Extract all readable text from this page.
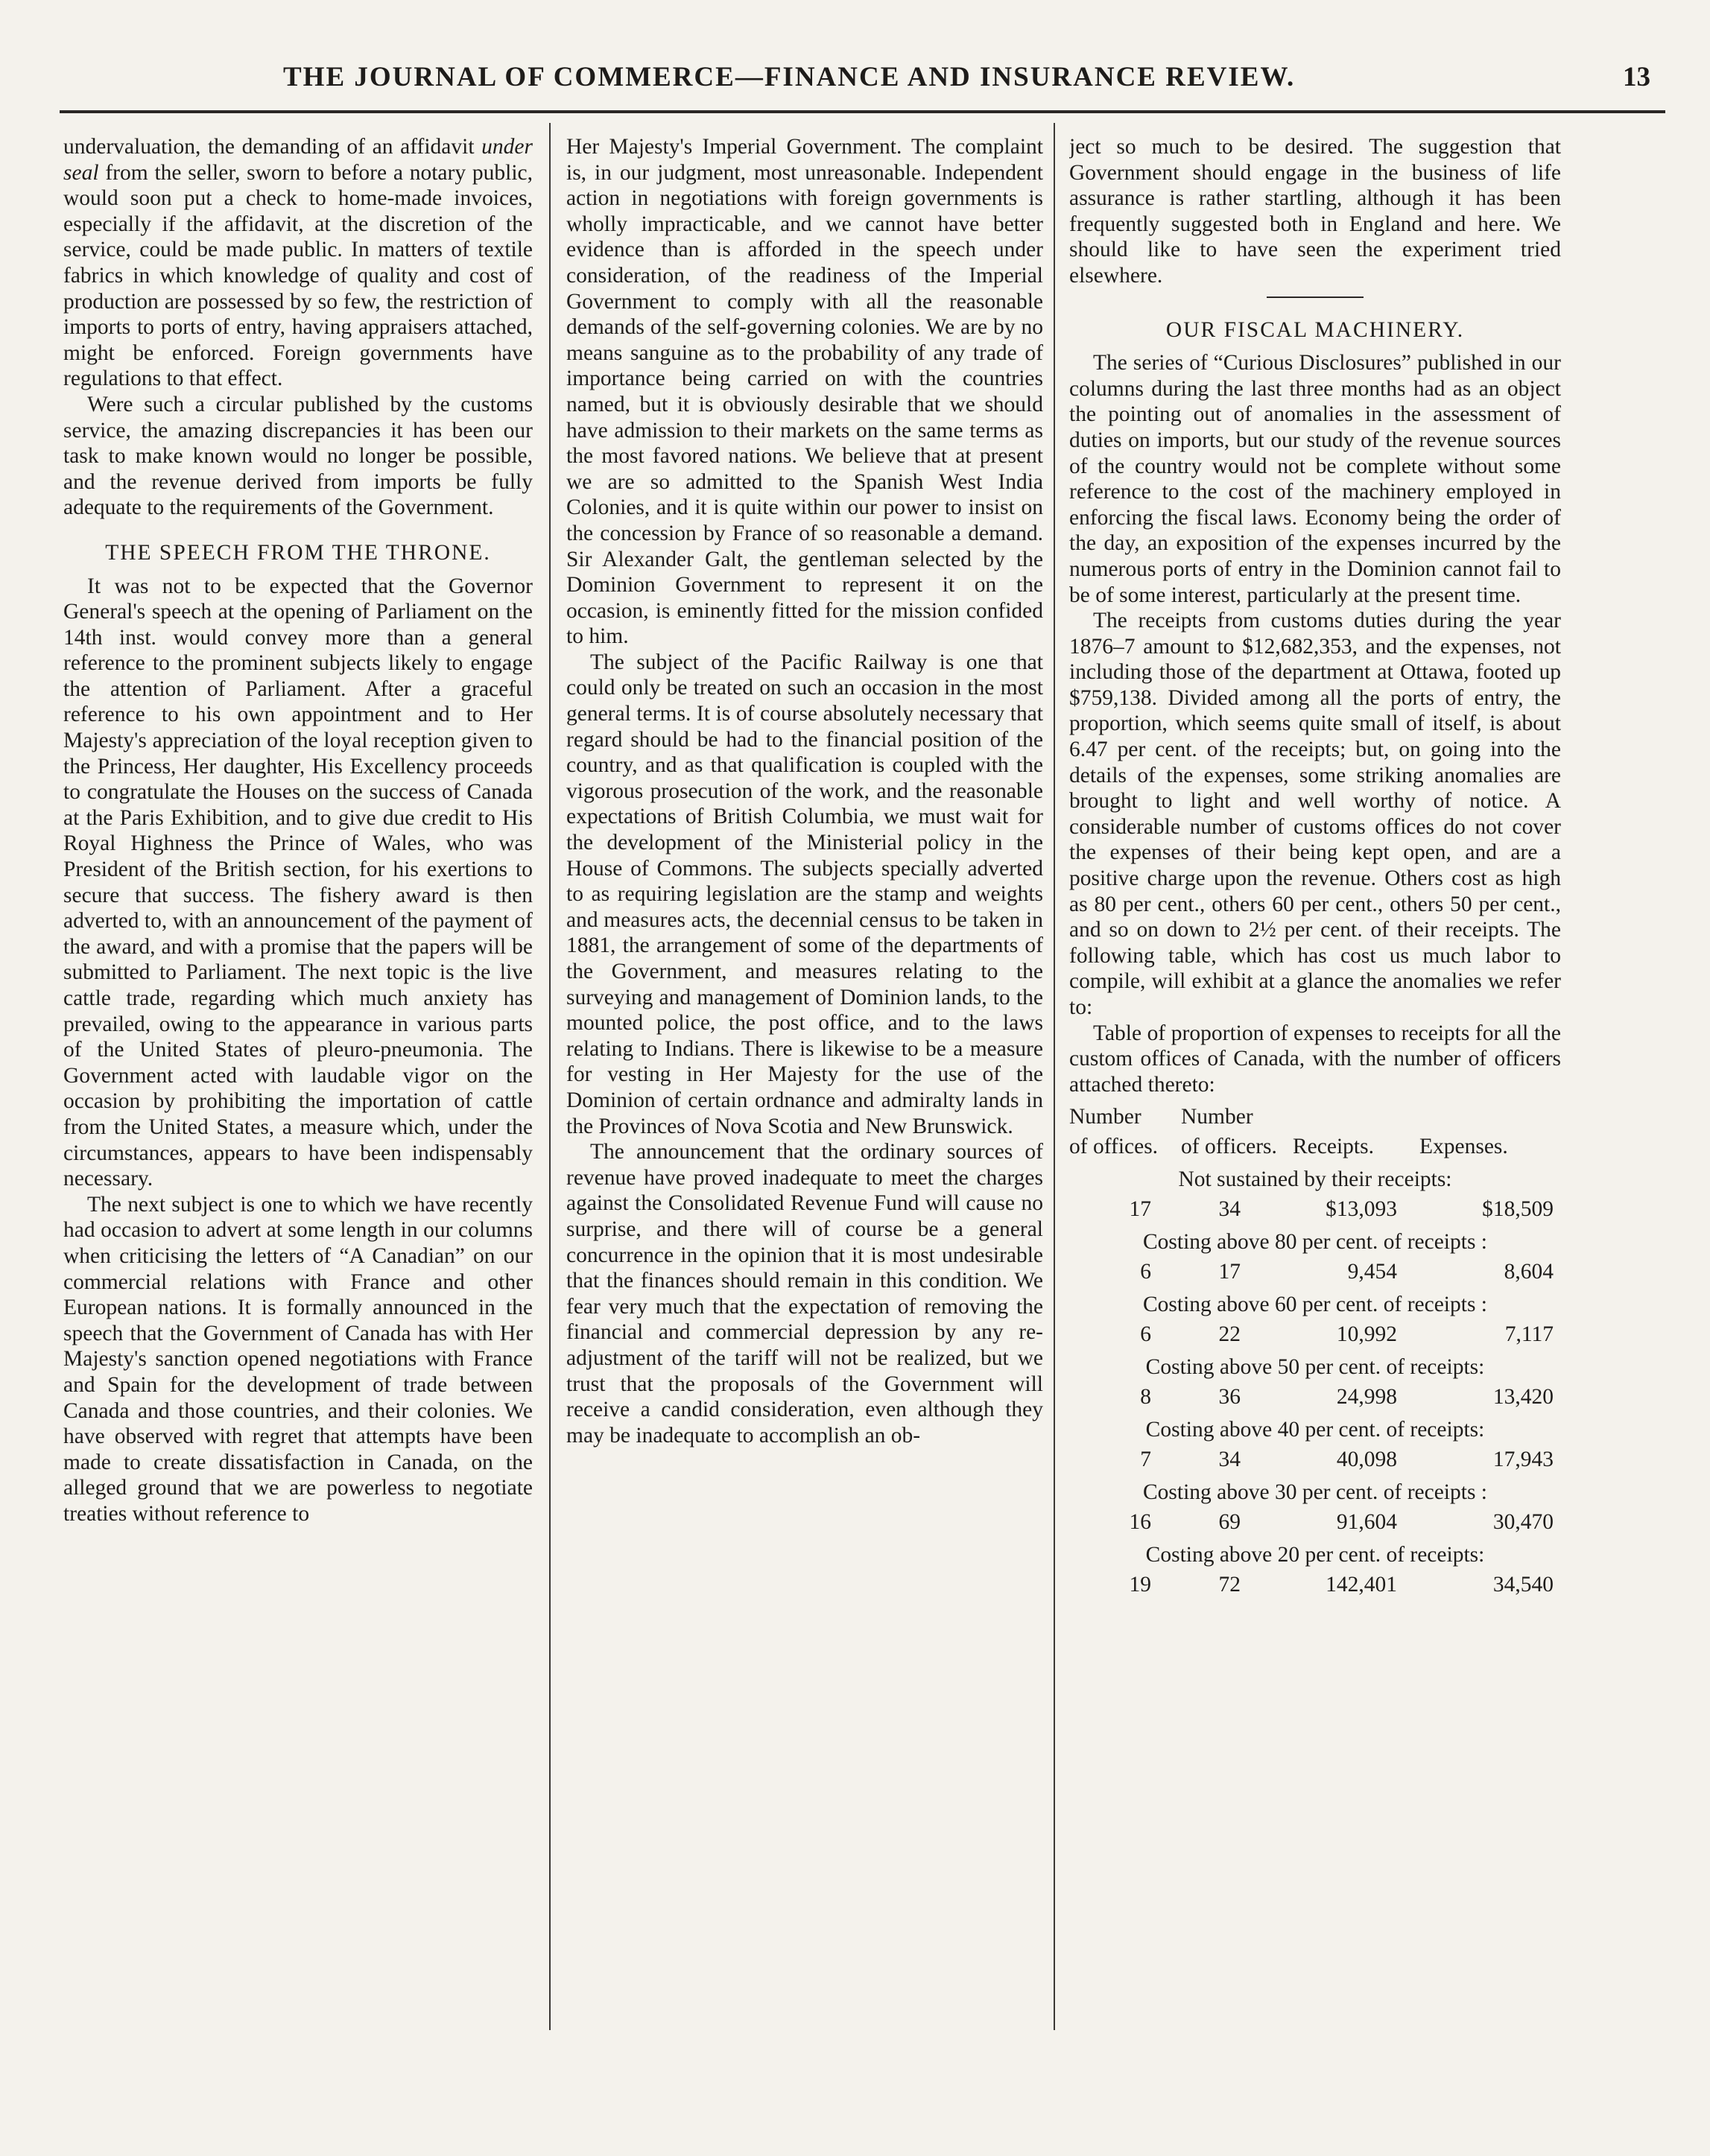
THE JOURNAL OF COMMERCE—FINANCE AND INSURANCE REVIEW.	13

undervaluation, the demanding of an affidavit under seal from the seller, sworn to before a notary public, would soon put a check to home-made invoices, especially if the affidavit, at the discretion of the service, could be made public. In matters of textile fabrics in which knowledge of quality and cost of production are possessed by so few, the restriction of imports to ports of entry, having appraisers attached, might be enforced. Foreign governments have regulations to that effect.

Were such a circular published by the customs service, the amazing discrepancies it has been our task to make known would no longer be possible, and the revenue derived from imports be fully adequate to the requirements of the Government.

THE SPEECH FROM THE THRONE.

It was not to be expected that the Governor General's speech at the opening of Parliament on the 14th inst. would convey more than a general reference to the prominent subjects likely to engage the attention of Parliament. After a graceful reference to his own appointment and to Her Majesty's appreciation of the loyal reception given to the Princess, Her daughter, His Excellency proceeds to congratulate the Houses on the success of Canada at the Paris Exhibition, and to give due credit to His Royal Highness the Prince of Wales, who was President of the British section, for his exertions to secure that success. The fishery award is then adverted to, with an announcement of the payment of the award, and with a promise that the papers will be submitted to Parliament. The next topic is the live cattle trade, regarding which much anxiety has prevailed, owing to the appearance in various parts of the United States of pleuro-pneumonia. The Government acted with laudable vigor on the occasion by prohibiting the importation of cattle from the United States, a measure which, under the circumstances, appears to have been indispensably necessary.

The next subject is one to which we have recently had occasion to advert at some length in our columns when criticising the letters of “A Canadian” on our commercial relations with France and other European nations. It is formally announced in the speech that the Government of Canada has with Her Majesty's sanction opened negotiations with France and Spain for the development of trade between Canada and those countries, and their colonies. We have observed with regret that attempts have been made to create dissatisfaction in Canada, on the alleged ground that we are powerless to negotiate treaties without reference to

Her Majesty's Imperial Government. The complaint is, in our judgment, most unreasonable. Independent action in negotiations with foreign governments is wholly impracticable, and we cannot have better evidence than is afforded in the speech under consideration, of the readiness of the Imperial Government to comply with all the reasonable demands of the self-governing colonies. We are by no means sanguine as to the probability of any trade of importance being carried on with the countries named, but it is obviously desirable that we should have admission to their markets on the same terms as the most favored nations. We believe that at present we are so admitted to the Spanish West India Colonies, and it is quite within our power to insist on the concession by France of so reasonable a demand. Sir Alexander Galt, the gentleman selected by the Dominion Government to represent it on the occasion, is eminently fitted for the mission confided to him.

The subject of the Pacific Railway is one that could only be treated on such an occasion in the most general terms. It is of course absolutely necessary that regard should be had to the financial position of the country, and as that qualification is coupled with the vigorous prosecution of the work, and the reasonable expectations of British Columbia, we must wait for the development of the Ministerial policy in the House of Commons. The subjects specially adverted to as requiring legislation are the stamp and weights and measures acts, the decennial census to be taken in 1881, the arrangement of some of the departments of the Government, and measures relating to the surveying and management of Dominion lands, to the mounted police, the post office, and to the laws relating to Indians. There is likewise to be a measure for vesting in Her Majesty for the use of the Dominion of certain ordnance and admiralty lands in the Provinces of Nova Scotia and New Brunswick.

The announcement that the ordinary sources of revenue have proved inadequate to meet the charges against the Consolidated Revenue Fund will cause no surprise, and there will of course be a general concurrence in the opinion that it is most undesirable that the finances should remain in this condition. We fear very much that the expectation of removing the financial and commercial depression by any re-adjustment of the tariff will not be realized, but we trust that the proposals of the Government will receive a candid consideration, even although they may be inadequate to accomplish an ob-

ject so much to be desired. The suggestion that Government should engage in the business of life assurance is rather startling, although it has been frequently suggested both in England and here. We should like to have seen the experiment tried elsewhere.

OUR FISCAL MACHINERY.

The series of “Curious Disclosures” published in our columns during the last three months had as an object the pointing out of anomalies in the assessment of duties on imports, but our study of the revenue sources of the country would not be complete without some reference to the cost of the machinery employed in enforcing the fiscal laws. Economy being the order of the day, an exposition of the expenses incurred by the numerous ports of entry in the Dominion cannot fail to be of some interest, particularly at the present time.

The receipts from customs duties during the year 1876–7 amount to $12,682,353, and the expenses, not including those of the department at Ottawa, footed up $759,138. Divided among all the ports of entry, the proportion, which seems quite small of itself, is about 6.47 per cent. of the receipts; but, on going into the details of the expenses, some striking anomalies are brought to light and well worthy of notice. A considerable number of customs offices do not cover the expenses of their being kept open, and are a positive charge upon the revenue. Others cost as high as 80 per cent., others 60 per cent., others 50 per cent., and so on down to 2½ per cent. of their receipts. The following table, which has cost us much labor to compile, will exhibit at a glance the anomalies we refer to:

Table of proportion of expenses to receipts for all the custom offices of Canada, with the number of officers attached thereto:

Number	Number
of offices.	of officers. Receipts.	Expenses.
Not sustained by their receipts:
17	34	$13,093	$18,509
Costing above 80 per cent. of receipts :
6	17	9,454	8,604
Costing above 60 per cent. of receipts :
6	22	10,992	7,117
Costing above 50 per cent. of receipts:
8	36	24,998	13,420
Costing above 40 per cent. of receipts:
7	34	40,098	17,943
Costing above 30 per cent. of receipts :
16	69	91,604	30,470
Costing above 20 per cent. of receipts:
19	72	142,401	34,540
